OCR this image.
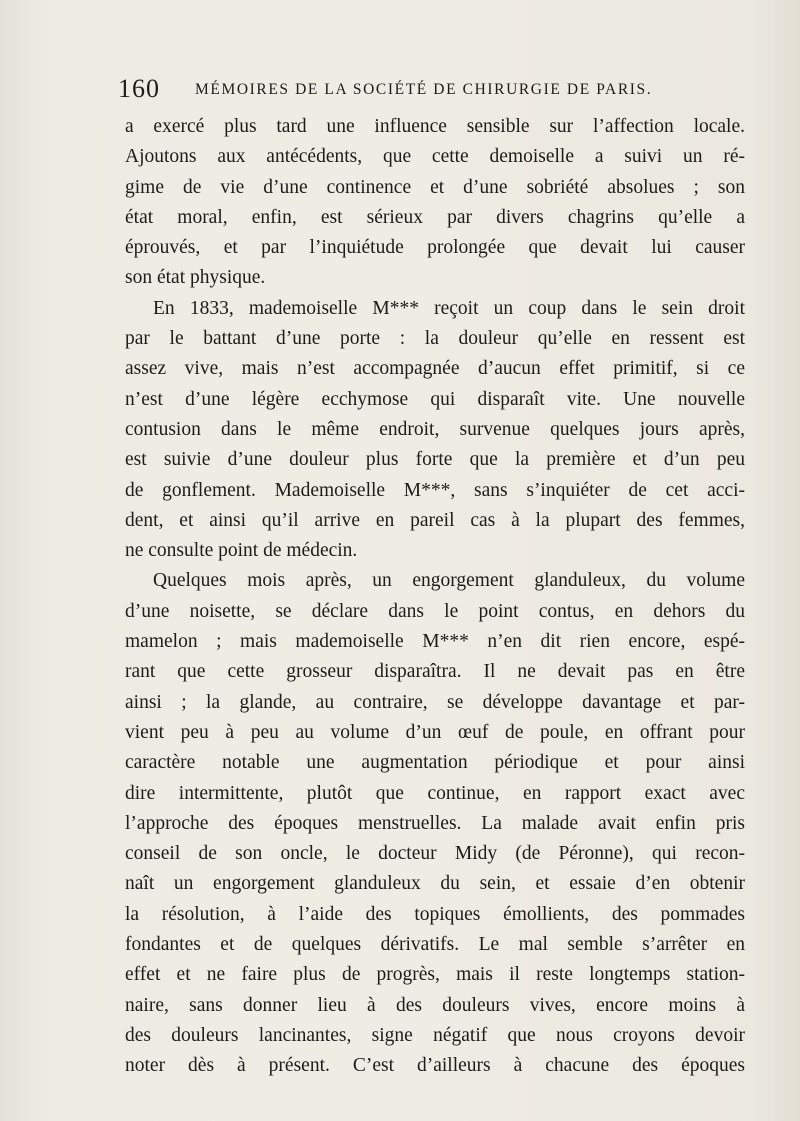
160 MÉMOIRES DE LA SOCIÉTÉ DE CHIRURGIE DE PARIS.
a exercé plus tard une influence sensible sur l’affection locale.
Ajoutons aux antécédents, que cette demoiselle a suivi un ré-
gime de vie d’une continence et d’une sobriété absolues ; son
état moral, enfin, est sérieux par divers chagrins qu’elle a
éprouvés, et par l’inquiétude prolongée que devait lui causer
son état physique.
En 1833, mademoiselle M*** reçoit un coup dans le sein droit
par le battant d’une porte : la douleur qu’elle en ressent est
assez vive, mais n’est accompagnée d’aucun effet primitif, si ce
n’est d’une légère ecchymose qui disparaît vite. Une nouvelle
contusion dans le même endroit, survenue quelques jours après,
est suivie d’une douleur plus forte que la première et d’un peu
de gonflement. Mademoiselle M***, sans s’inquiéter de cet acci-
dent, et ainsi qu’il arrive en pareil cas à la plupart des femmes,
ne consulte point de médecin.
Quelques mois après, un engorgement glanduleux, du volume
d’une noisette, se déclare dans le point contus, en dehors du
mamelon ; mais mademoiselle M*** n’en dit rien encore, espé-
rant que cette grosseur disparaîtra. Il ne devait pas en être
ainsi ; la glande, au contraire, se développe davantage et par-
vient peu à peu au volume d’un œuf de poule, en offrant pour
caractère notable une augmentation périodique et pour ainsi
dire intermittente, plutôt que continue, en rapport exact avec
l’approche des époques menstruelles. La malade avait enfin pris
conseil de son oncle, le docteur Midy (de Péronne), qui recon-
naît un engorgement glanduleux du sein, et essaie d’en obtenir
la résolution, à l’aide des topiques émollients, des pommades
fondantes et de quelques dérivatifs. Le mal semble s’arrêter en
effet et ne faire plus de progrès, mais il reste longtemps station-
naire, sans donner lieu à des douleurs vives, encore moins à
des douleurs lancinantes, signe négatif que nous croyons devoir
noter dès à présent. C’est d’ailleurs à chacune des époques
